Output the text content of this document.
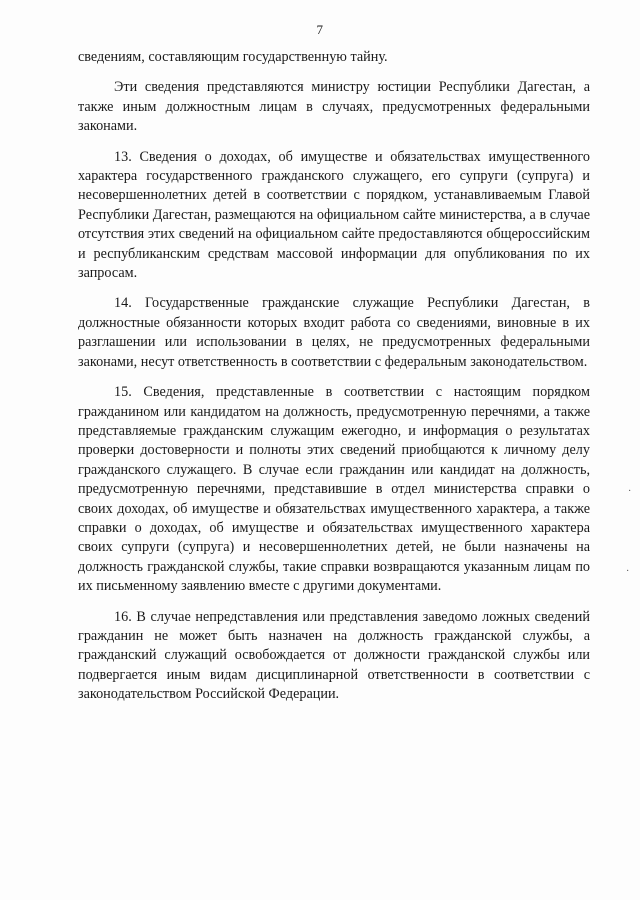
7

сведениям, составляющим государственную тайну.

Эти сведения представляются министру юстиции Республики Дагестан, а также иным должностным лицам в случаях, предусмотренных федеральными законами.

13. Сведения о доходах, об имуществе и обязательствах имущественного характера государственного гражданского служащего, его супруги (супруга) и несовершеннолетних детей в соответствии с порядком, устанавливаемым Главой Республики Дагестан, размещаются на официальном сайте министерства, а в случае отсутствия этих сведений на официальном сайте предоставляются общероссийским и республиканским средствам массовой информации для опубликования по их запросам.

14. Государственные гражданские служащие Республики Дагестан, в должностные обязанности которых входит работа со сведениями, виновные в их разглашении или использовании в целях, не предусмотренных федеральными законами, несут ответственность в соответствии с федеральным законодательством.

15. Сведения, представленные в соответствии с настоящим порядком гражданином или кандидатом на должность, предусмотренную перечнями, а также представляемые гражданским служащим ежегодно, и информация о результатах проверки достоверности и полноты этих сведений приобщаются к личному делу гражданского служащего. В случае если гражданин или кандидат на должность, предусмотренную перечнями, представившие в отдел министерства справки о своих доходах, об имуществе и обязательствах имущественного характера, а также справки о доходах, об имуществе и обязательствах имущественного характера своих супруги (супруга) и несовершеннолетних детей, не были назначены на должность гражданской службы, такие справки возвращаются указанным лицам по их письменному заявлению вместе с другими документами.

16. В случае непредставления или представления заведомо ложных сведений гражданин не может быть назначен на должность гражданской службы, а гражданский служащий освобождается от должности гражданской службы или подвергается иным видам дисциплинарной ответственности в соответствии с законодательством Российской Федерации.

·
·
